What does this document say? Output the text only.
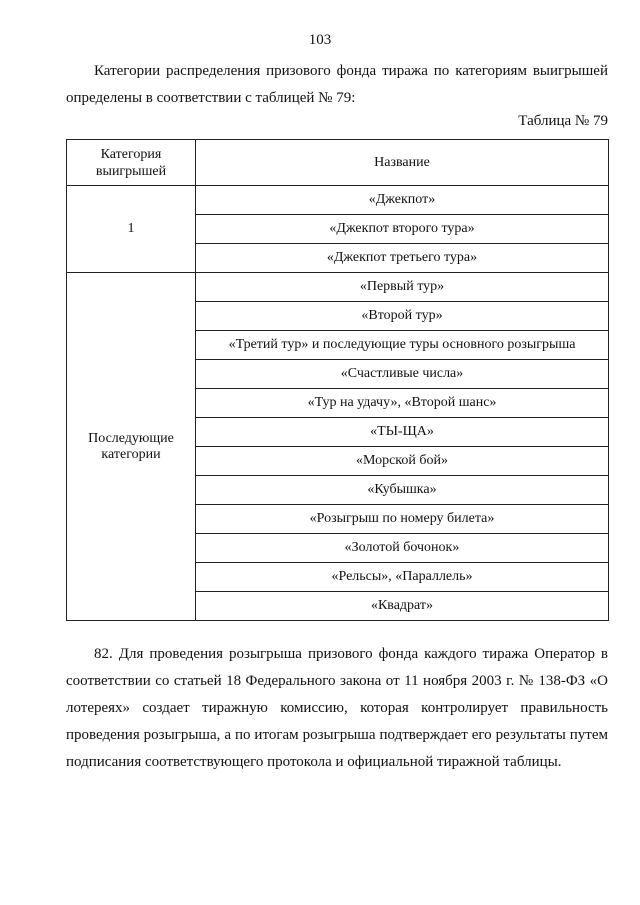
103
Категории распределения призового фонда тиража по категориям выигрышей определены в соответствии с таблицей № 79:
Таблица № 79
Категория выигрышей	Название
1	«Джекпот»
	«Джекпот второго тура»
	«Джекпот третьего тура»
Последующие категории	«Первый тур»
	«Второй тур»
	«Третий тур» и последующие туры основного розыгрыша
	«Счастливые числа»
	«Тур на удачу», «Второй шанс»
	«ТЫ-ЩА»
	«Морской бой»
	«Кубышка»
	«Розыгрыш по номеру билета»
	«Золотой бочонок»
	«Рельсы», «Параллель»
	«Квадрат»

82. Для проведения розыгрыша призового фонда каждого тиража Оператор в соответствии со статьей 18 Федерального закона от 11 ноября 2003 г. № 138-ФЗ «О лотереях» создает тиражную комиссию, которая контролирует правильность проведения розыгрыша, а по итогам розыгрыша подтверждает его результаты путем подписания соответствующего протокола и официальной тиражной таблицы.
